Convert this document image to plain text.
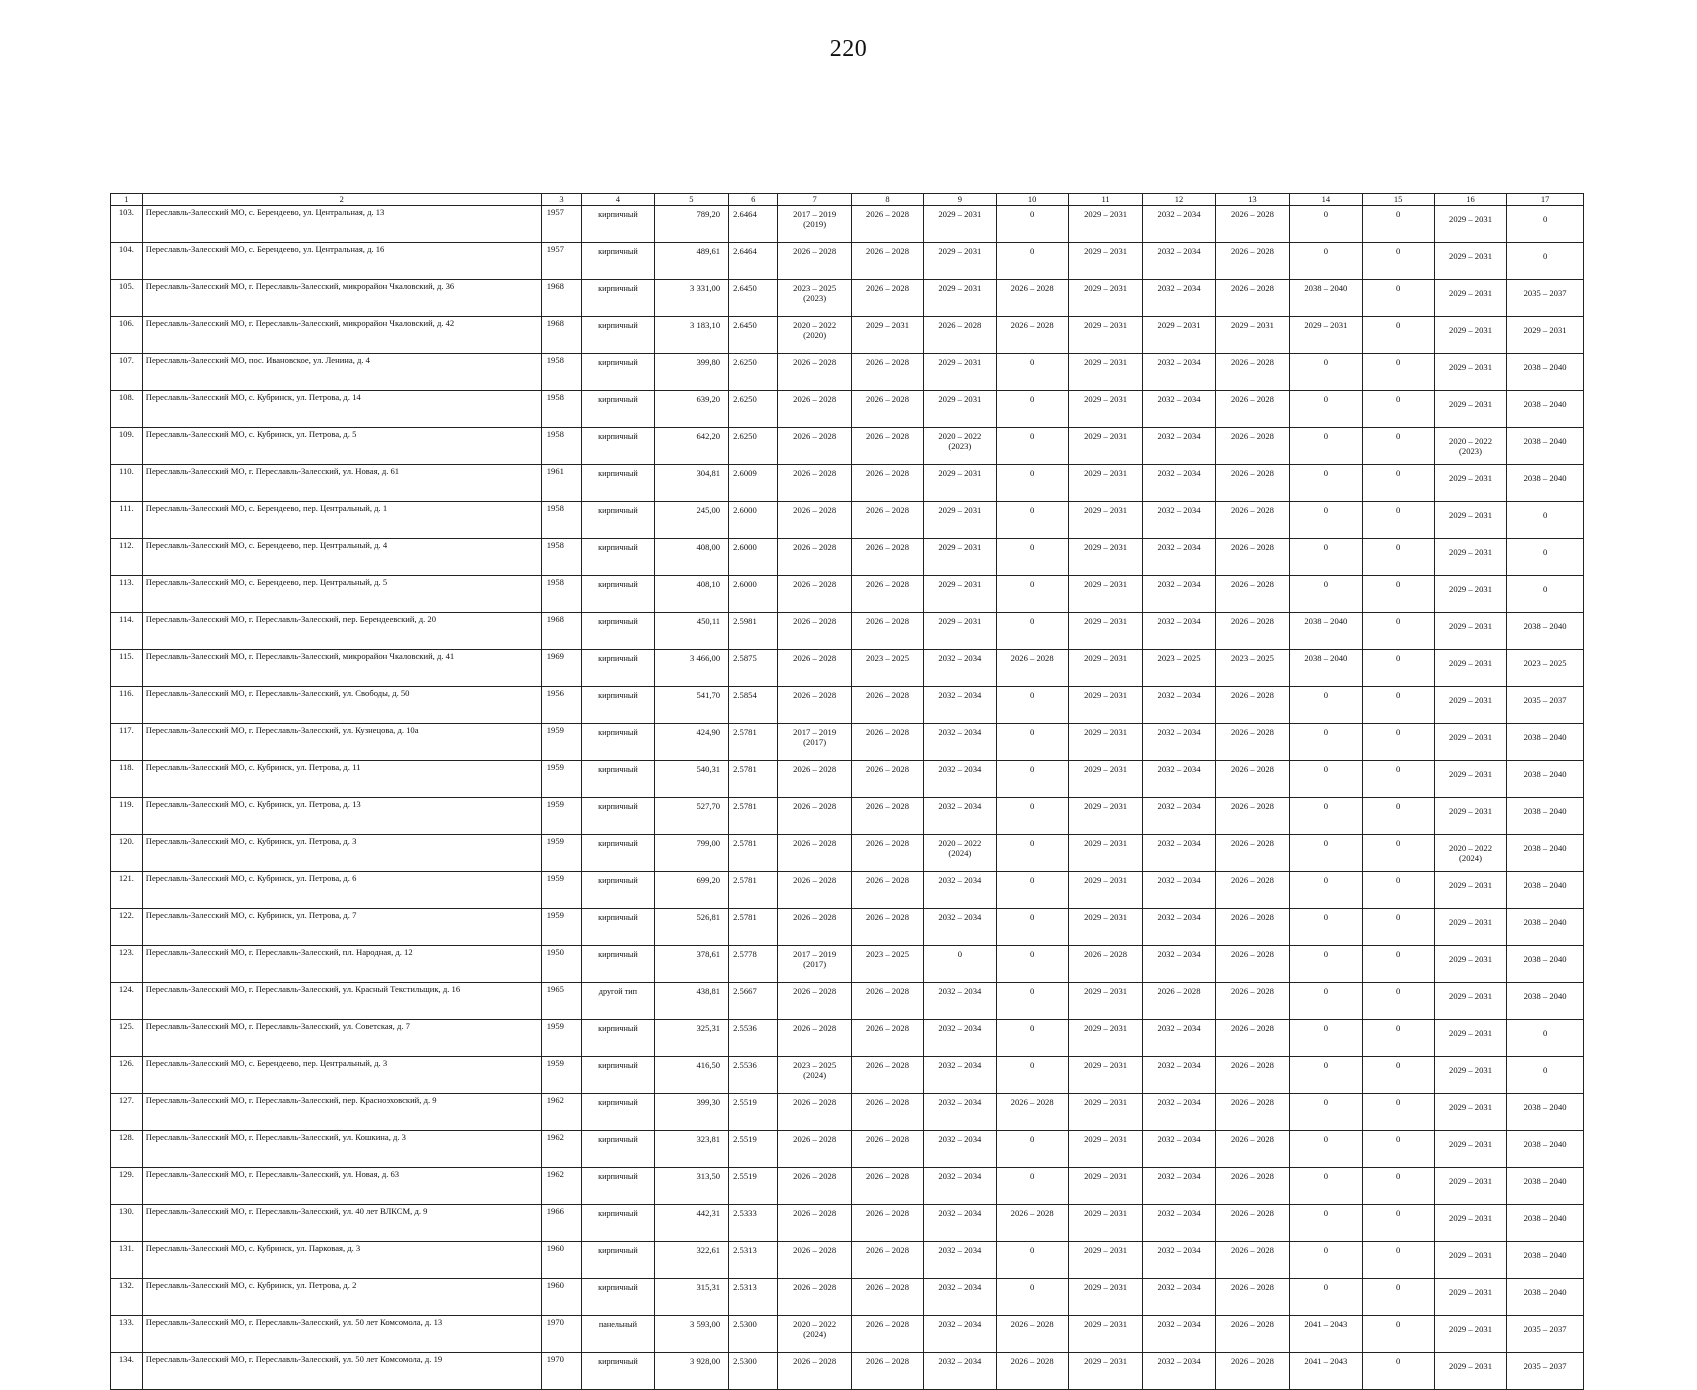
220
1	2	3	4	5	6	7	8	9	10	11	12	13	14	15	16	17
103.	Переславль-Залесский МО, с. Берендеево, ул. Центральная, д. 13	1957	кирпичный	789,20	2.6464	2017 – 2019
(2019)	2026 – 2028	2029 – 2031	0	2029 – 2031	2032 – 2034	2026 – 2028	0	0	2029 – 2031	0

104.	Переславль-Залесский МО, с. Берендеево, ул. Центральная, д. 16	1957	кирпичный	489,61	2.6464	2026 – 2028	2026 – 2028	2029 – 2031	0	2029 – 2031	2032 – 2034	2026 – 2028	0	0	2029 – 2031	0

105.	Переславль-Залесский МО, г. Переславль-Залесский, микрорайон Чкаловский, д. 36	1968	кирпичный	3 331,00	2.6450	2023 – 2025
(2023)	2026 – 2028	2029 – 2031	2026 – 2028	2029 – 2031	2032 – 2034	2026 – 2028	2038 – 2040	0	2029 – 2031	2035 – 2037

106.	Переславль-Залесский МО, г. Переславль-Залесский, микрорайон Чкаловский, д. 42	1968	кирпичный	3 183,10	2.6450	2020 – 2022
(2020)	2029 – 2031	2026 – 2028	2026 – 2028	2029 – 2031	2029 – 2031	2029 – 2031	2029 – 2031	0	2029 – 2031	2029 – 2031

107.	Переславль-Залесский МО, пос. Ивановское, ул. Ленина, д. 4	1958	кирпичный	399,80	2.6250	2026 – 2028	2026 – 2028	2029 – 2031	0	2029 – 2031	2032 – 2034	2026 – 2028	0	0	2029 – 2031	2038 – 2040

108.	Переславль-Залесский МО, с. Кубринск, ул. Петрова, д. 14	1958	кирпичный	639,20	2.6250	2026 – 2028	2026 – 2028	2029 – 2031	0	2029 – 2031	2032 – 2034	2026 – 2028	0	0	2029 – 2031	2038 – 2040

109.	Переславль-Залесский МО, с. Кубринск, ул. Петрова, д. 5	1958	кирпичный	642,20	2.6250	2026 – 2028	2026 – 2028	2020 – 2022
(2023)	0	2029 – 2031	2032 – 2034	2026 – 2028	0	0	2020 – 2022
(2023)	2038 – 2040

110.	Переславль-Залесский МО, г. Переславль-Залесский, ул. Новая, д. 61	1961	кирпичный	304,81	2.6009	2026 – 2028	2026 – 2028	2029 – 2031	0	2029 – 2031	2032 – 2034	2026 – 2028	0	0	2029 – 2031	2038 – 2040

111.	Переславль-Залесский МО, с. Берендеево, пер. Центральный, д. 1	1958	кирпичный	245,00	2.6000	2026 – 2028	2026 – 2028	2029 – 2031	0	2029 – 2031	2032 – 2034	2026 – 2028	0	0	2029 – 2031	0

112.	Переславль-Залесский МО, с. Берендеево, пер. Центральный, д. 4	1958	кирпичный	408,00	2.6000	2026 – 2028	2026 – 2028	2029 – 2031	0	2029 – 2031	2032 – 2034	2026 – 2028	0	0	2029 – 2031	0

113.	Переславль-Залесский МО, с. Берендеево, пер. Центральный, д. 5	1958	кирпичный	408,10	2.6000	2026 – 2028	2026 – 2028	2029 – 2031	0	2029 – 2031	2032 – 2034	2026 – 2028	0	0	2029 – 2031	0

114.	Переславль-Залесский МО, г. Переславль-Залесский, пер. Берендеевский, д. 20	1968	кирпичный	450,11	2.5981	2026 – 2028	2026 – 2028	2029 – 2031	0	2029 – 2031	2032 – 2034	2026 – 2028	2038 – 2040	0	2029 – 2031	2038 – 2040

115.	Переславль-Залесский МО, г. Переславль-Залесский, микрорайон Чкаловский, д. 41	1969	кирпичный	3 466,00	2.5875	2026 – 2028	2023 – 2025	2032 – 2034	2026 – 2028	2029 – 2031	2023 – 2025	2023 – 2025	2038 – 2040	0	2029 – 2031	2023 – 2025

116.	Переславль-Залесский МО, г. Переславль-Залесский, ул. Свободы, д. 50	1956	кирпичный	541,70	2.5854	2026 – 2028	2026 – 2028	2032 – 2034	0	2029 – 2031	2032 – 2034	2026 – 2028	0	0	2029 – 2031	2035 – 2037

117.	Переславль-Залесский МО, г. Переславль-Залесский, ул. Кузнецова, д. 10а	1959	кирпичный	424,90	2.5781	2017 – 2019
(2017)	2026 – 2028	2032 – 2034	0	2029 – 2031	2032 – 2034	2026 – 2028	0	0	2029 – 2031	2038 – 2040

118.	Переславль-Залесский МО, с. Кубринск, ул. Петрова, д. 11	1959	кирпичный	540,31	2.5781	2026 – 2028	2026 – 2028	2032 – 2034	0	2029 – 2031	2032 – 2034	2026 – 2028	0	0	2029 – 2031	2038 – 2040

119.	Переславль-Залесский МО, с. Кубринск, ул. Петрова, д. 13	1959	кирпичный	527,70	2.5781	2026 – 2028	2026 – 2028	2032 – 2034	0	2029 – 2031	2032 – 2034	2026 – 2028	0	0	2029 – 2031	2038 – 2040

120.	Переславль-Залесский МО, с. Кубринск, ул. Петрова, д. 3	1959	кирпичный	799,00	2.5781	2026 – 2028	2026 – 2028	2020 – 2022
(2024)	0	2029 – 2031	2032 – 2034	2026 – 2028	0	0	2020 – 2022
(2024)	2038 – 2040

121.	Переславль-Залесский МО, с. Кубринск, ул. Петрова, д. 6	1959	кирпичный	699,20	2.5781	2026 – 2028	2026 – 2028	2032 – 2034	0	2029 – 2031	2032 – 2034	2026 – 2028	0	0	2029 – 2031	2038 – 2040

122.	Переславль-Залесский МО, с. Кубринск, ул. Петрова, д. 7	1959	кирпичный	526,81	2.5781	2026 – 2028	2026 – 2028	2032 – 2034	0	2029 – 2031	2032 – 2034	2026 – 2028	0	0	2029 – 2031	2038 – 2040

123.	Переславль-Залесский МО, г. Переславль-Залесский, пл. Народная, д. 12	1950	кирпичный	378,61	2.5778	2017 – 2019
(2017)	2023 – 2025	0	0	2026 – 2028	2032 – 2034	2026 – 2028	0	0	2029 – 2031	2038 – 2040

124.	Переславль-Залесский МО, г. Переславль-Залесский, ул. Красный Текстильщик, д. 16	1965	другой тип	438,81	2.5667	2026 – 2028	2026 – 2028	2032 – 2034	0	2029 – 2031	2026 – 2028	2026 – 2028	0	0	2029 – 2031	2038 – 2040

125.	Переславль-Залесский МО, г. Переславль-Залесский, ул. Советская, д. 7	1959	кирпичный	325,31	2.5536	2026 – 2028	2026 – 2028	2032 – 2034	0	2029 – 2031	2032 – 2034	2026 – 2028	0	0	2029 – 2031	0

126.	Переславль-Залесский МО, с. Берендеево, пер. Центральный, д. 3	1959	кирпичный	416,50	2.5536	2023 – 2025
(2024)	2026 – 2028	2032 – 2034	0	2029 – 2031	2032 – 2034	2026 – 2028	0	0	2029 – 2031	0

127.	Переславль-Залесский МО, г. Переславль-Залесский, пер. Красноэховский, д. 9	1962	кирпичный	399,30	2.5519	2026 – 2028	2026 – 2028	2032 – 2034	2026 – 2028	2029 – 2031	2032 – 2034	2026 – 2028	0	0	2029 – 2031	2038 – 2040

128.	Переславль-Залесский МО, г. Переславль-Залесский, ул. Кошкина, д. 3	1962	кирпичный	323,81	2.5519	2026 – 2028	2026 – 2028	2032 – 2034	0	2029 – 2031	2032 – 2034	2026 – 2028	0	0	2029 – 2031	2038 – 2040

129.	Переславль-Залесский МО, г. Переславль-Залесский, ул. Новая, д. 63	1962	кирпичный	313,50	2.5519	2026 – 2028	2026 – 2028	2032 – 2034	0	2029 – 2031	2032 – 2034	2026 – 2028	0	0	2029 – 2031	2038 – 2040

130.	Переславль-Залесский МО, г. Переславль-Залесский, ул. 40 лет ВЛКСМ, д. 9	1966	кирпичный	442,31	2.5333	2026 – 2028	2026 – 2028	2032 – 2034	2026 – 2028	2029 – 2031	2032 – 2034	2026 – 2028	0	0	2029 – 2031	2038 – 2040

131.	Переславль-Залесский МО, с. Кубринск, ул. Парковая, д. 3	1960	кирпичный	322,61	2.5313	2026 – 2028	2026 – 2028	2032 – 2034	0	2029 – 2031	2032 – 2034	2026 – 2028	0	0	2029 – 2031	2038 – 2040

132.	Переславль-Залесский МО, с. Кубринск, ул. Петрова, д. 2	1960	кирпичный	315,31	2.5313	2026 – 2028	2026 – 2028	2032 – 2034	0	2029 – 2031	2032 – 2034	2026 – 2028	0	0	2029 – 2031	2038 – 2040

133.	Переславль-Залесский МО, г. Переславль-Залесский, ул. 50 лет Комсомола, д. 13	1970	панельный	3 593,00	2.5300	2020 – 2022
(2024)	2026 – 2028	2032 – 2034	2026 – 2028	2029 – 2031	2032 – 2034	2026 – 2028	2041 – 2043	0	2029 – 2031	2035 – 2037

134.	Переславль-Залесский МО, г. Переславль-Залесский, ул. 50 лет Комсомола, д. 19	1970	кирпичный	3 928,00	2.5300	2026 – 2028	2026 – 2028	2032 – 2034	2026 – 2028	2029 – 2031	2032 – 2034	2026 – 2028	2041 – 2043	0	2029 – 2031	2035 – 2037
